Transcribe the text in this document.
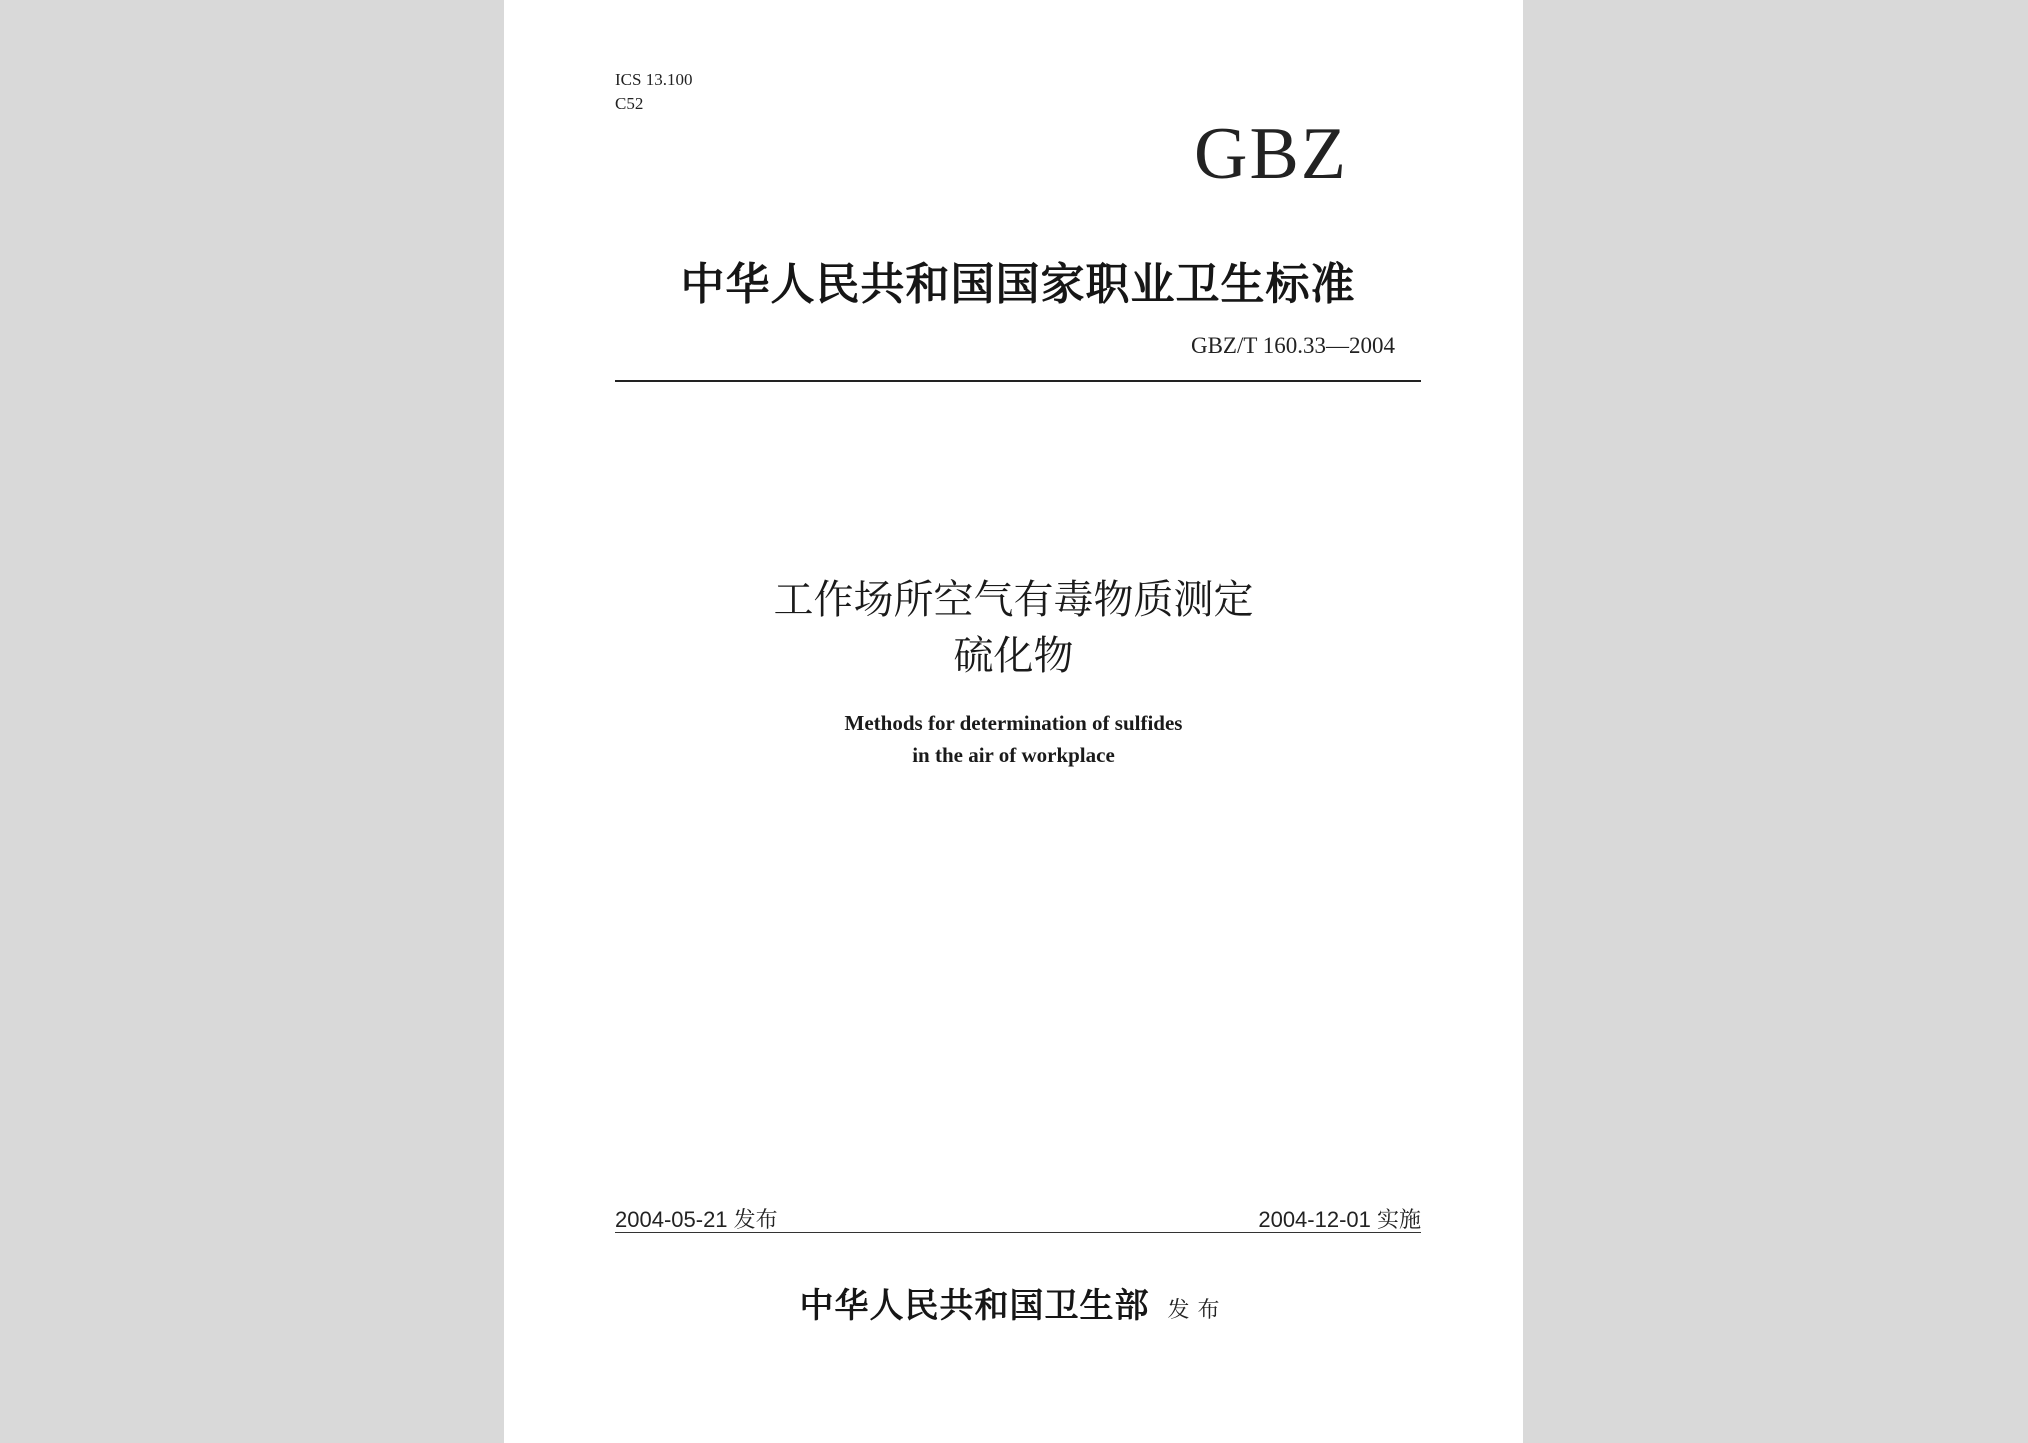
ICS 13.100
C52
GBZ
中华人民共和国国家职业卫生标准
GBZ/T 160.33—2004
工作场所空气有毒物质测定
硫化物
Methods for determination of sulfides
in the air of workplace
2004-05-21 发布	2004-12-01 实施
中华人民共和国卫生部 发布
